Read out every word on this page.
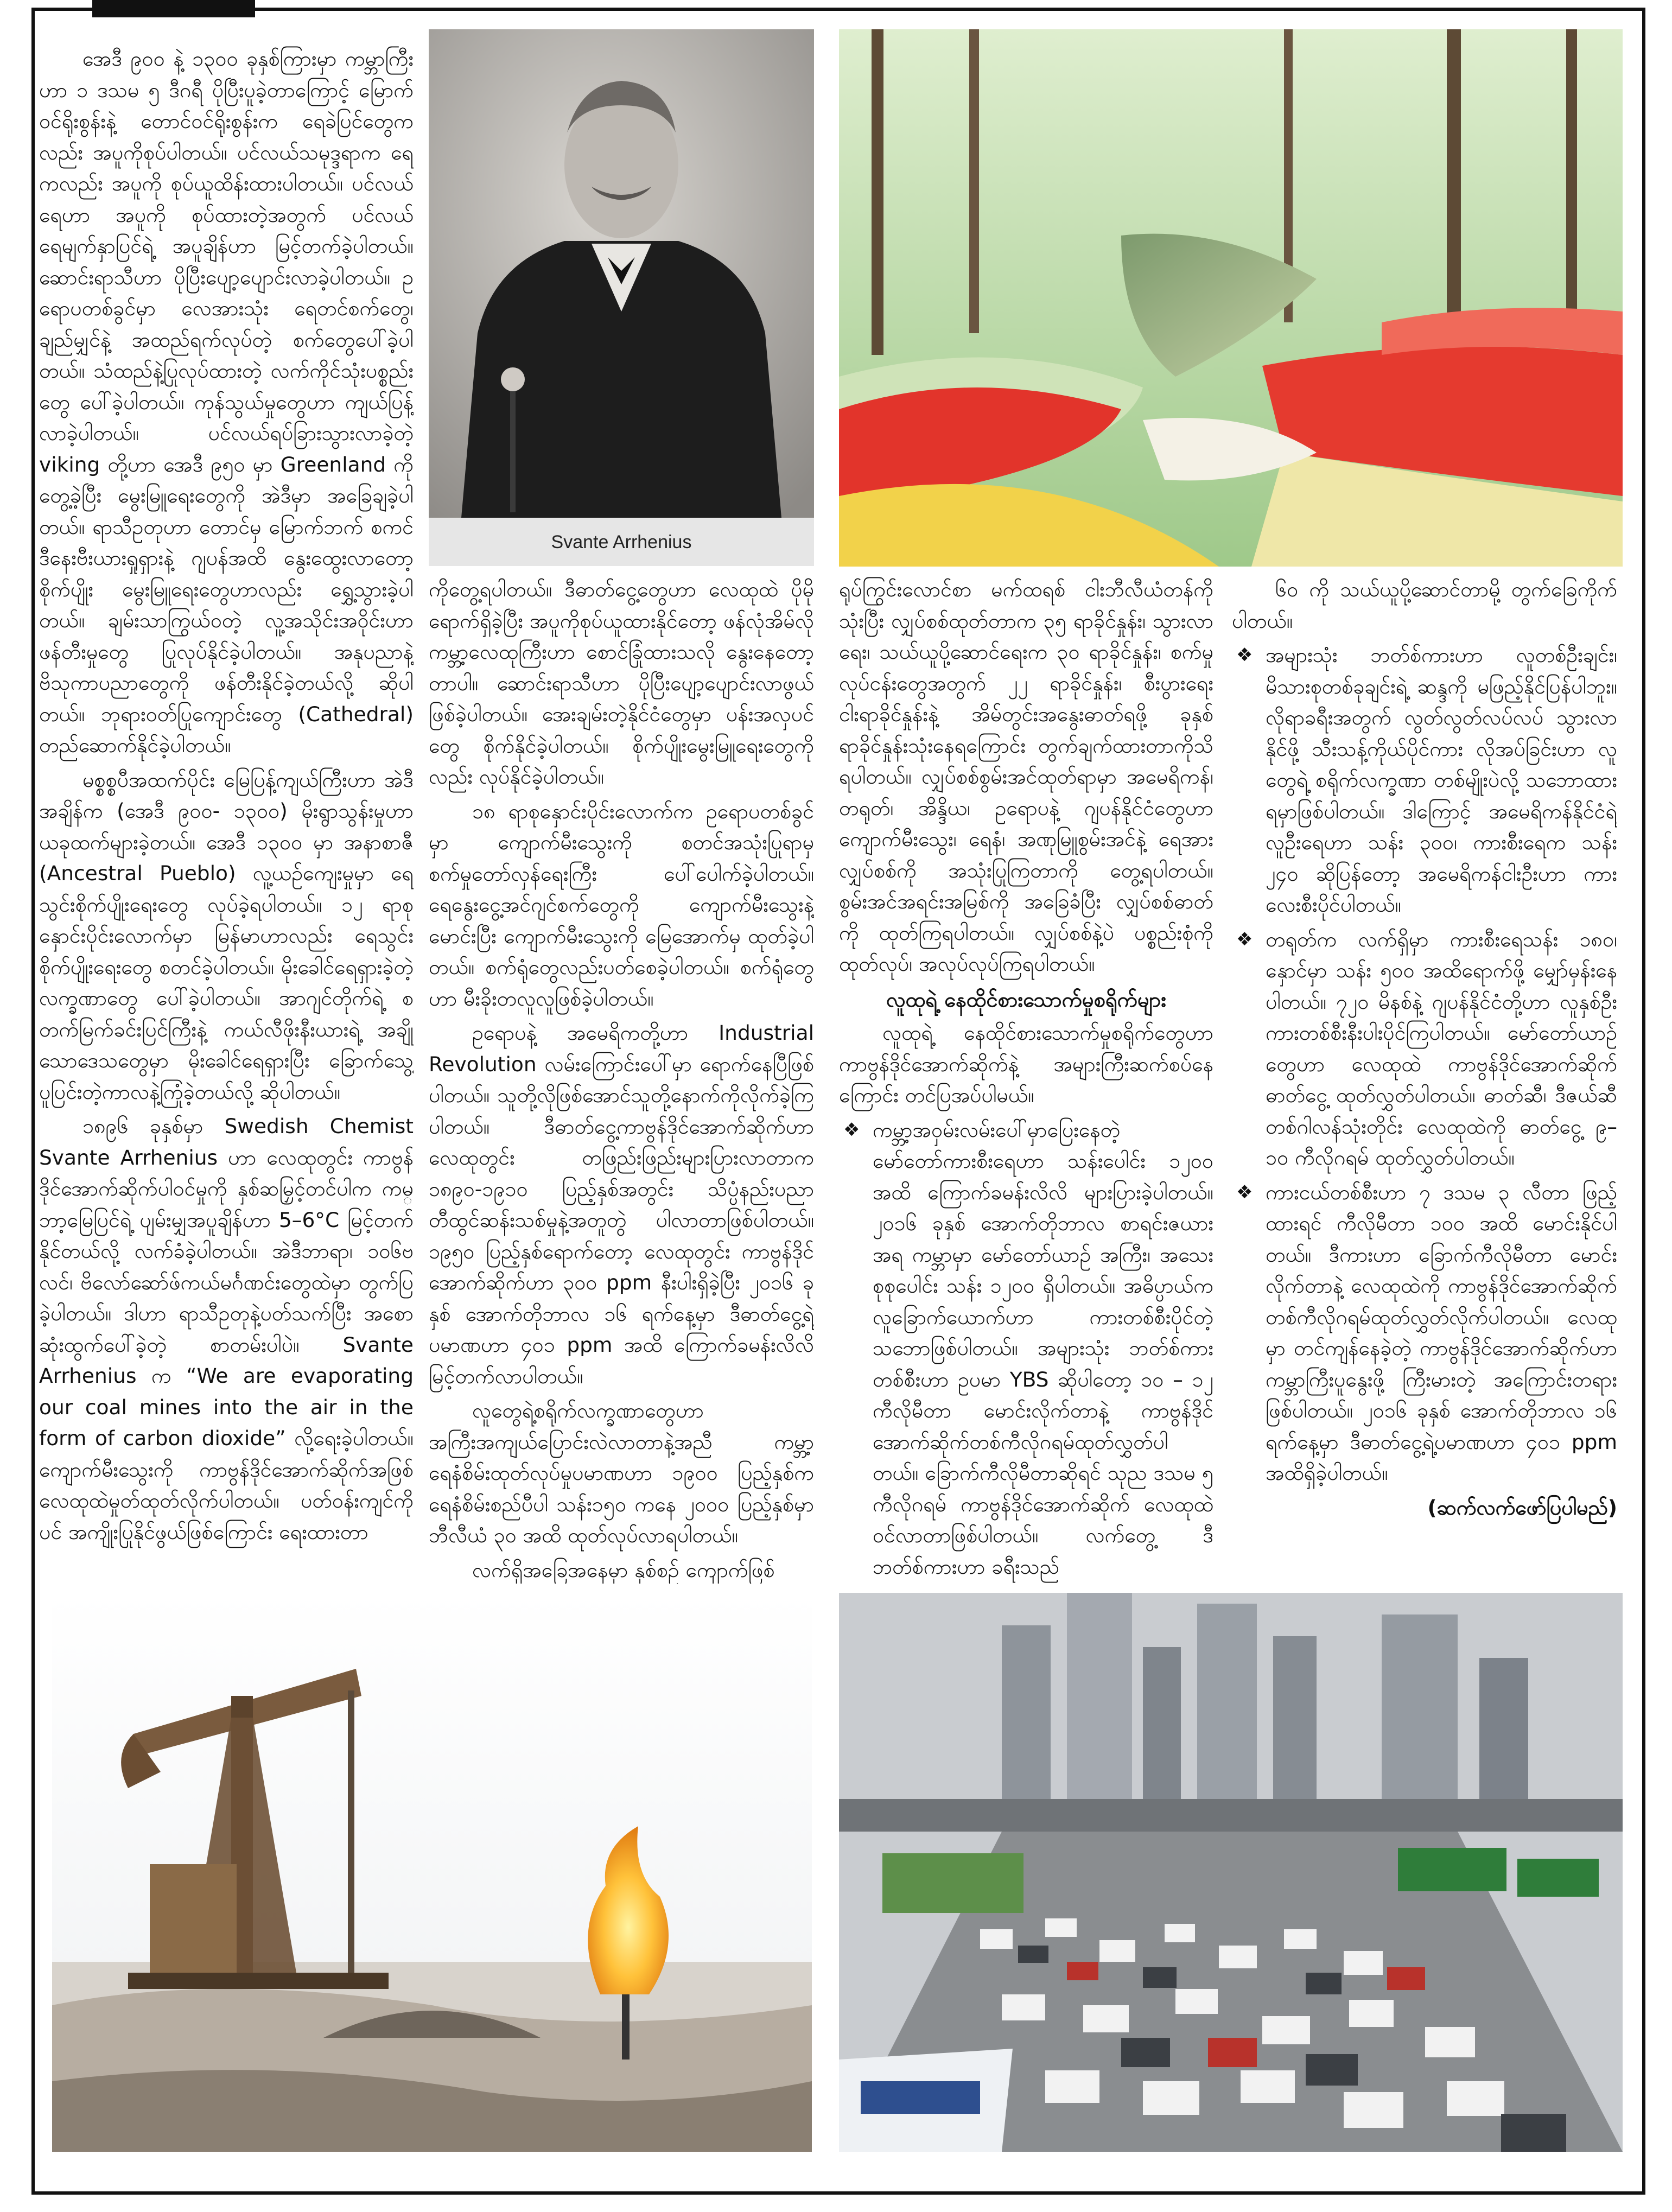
အေဒီ ၉၀၀ နဲ့ ၁၃၀၀ ခုနှစ်ကြားမှာ ကမ္ဘာကြီးဟာ ၁ ဒသမ ၅ ဒီဂရီ ပိုပြီးပူခဲ့တာကြောင့် မြောက်ဝင်ရိုးစွန်းနဲ့ တောင်ဝင်ရိုးစွန်းက ရေခဲပြင်တွေက လည်း အပူကိုစုပ်ပါတယ်။ ပင်လယ်သမုဒ္ဒရာက ရေကလည်း အပူကို စုပ်ယူထိန်းထားပါတယ်။ ပင်လယ်ရေဟာ အပူကို စုပ်ထားတဲ့အတွက် ပင်လယ်ရေမျက်နှာပြင်ရဲ့ အပူချိန်ဟာ မြင့်တက်ခဲ့ပါတယ်။ ဆောင်းရာသီဟာ ပိုပြီးပျော့ပျောင်းလာခဲ့ပါတယ်။ ဥရောပတစ်ခွင်မှာ လေအားသုံး ရေတင်စက်တွေ၊ ချည်မျှင်နဲ့ အထည်ရက်လုပ်တဲ့ စက်တွေပေါ်ခဲ့ပါတယ်။ သံထည်နဲ့ပြုလုပ်ထားတဲ့ လက်ကိုင်သုံးပစ္စည်းတွေ ပေါ်ခဲ့ပါတယ်။ ကုန်သွယ်မှုတွေဟာ ကျယ်ပြန့်လာခဲ့ပါတယ်။ ပင်လယ်ရပ်ခြားသွားလာခဲ့တဲ့ viking တို့ဟာ အေဒီ ၉၅၀ မှာ Greenland ကို တွေ့ခဲ့ပြီး မွေးမြူရေးတွေကို အဲဒီမှာ အခြေချခဲ့ပါတယ်။ ရာသီဥတုဟာ တောင်မှ မြောက်ဘက် စကင်ဒီနေးဗီးယားရှုရှားနဲ့ ဂျပန်အထိ နွေးထွေးလာတော့ စိုက်ပျိုး မွေးမြူရေးတွေဟာလည်း ရွှေ့သွားခဲ့ပါတယ်။ ချမ်းသာကြွယ်ဝတဲ့ လူ့အသိုင်းအဝိုင်းဟာ ဖန်တီးမှုတွေ ပြုလုပ်နိုင်ခဲ့ပါတယ်။ အနုပညာနဲ့ ဗိသုကာပညာတွေကို ဖန်တီးနိုင်ခဲ့တယ်လို့ ဆိုပါတယ်။ ဘုရားဝတ်ပြုကျောင်းတွေ (Cathedral) တည်ဆောက်နိုင်ခဲ့ပါတယ်။

မစ္စစ္စပီအထက်ပိုင်း မြေပြန့်ကျယ်ကြီးဟာ အဲဒီအချိန်က (အေဒီ ၉၀၀- ၁၃၀၀) မိုးရွာသွန်းမှုဟာ ယခုထက်များခဲ့တယ်။ အေဒီ ၁၃၀၀ မှာ အနာစာဇီ (Ancestral Pueblo) လူ့ယဉ်ကျေးမှုမှာ ရေသွင်းစိုက်ပျိုးရေးတွေ လုပ်ခဲ့ရပါတယ်။ ၁၂ ရာစုနှောင်းပိုင်းလောက်မှာ မြန်မာဟာလည်း ရေသွင်းစိုက်ပျိုးရေးတွေ စတင်ခဲ့ပါတယ်။ မိုးခေါင်ရေရှားခဲ့တဲ့လက္ခဏာတွေ ပေါ်ခဲ့ပါတယ်။ အာဂျင်တိုက်ရဲ့ စတက်မြက်ခင်းပြင်ကြီးနဲ့ ကယ်လီဖိုးနီးယားရဲ့ အချို့သောဒေသတွေမှာ မိုးခေါင်ရေရှားပြီး ခြောက်သွေ့ပူပြင်းတဲ့ကာလနဲ့ကြုံခဲ့တယ်လို့ ဆိုပါတယ်။

၁၈၉၆ ခုနှစ်မှာ Swedish Chemist Svante Arrhenius ဟာ လေထုတွင်း ကာဗွန်ဒိုင်အောက်ဆိုက်ပါဝင်မှုကို နှစ်ဆမြှင့်တင်ပါက ကမ္ဘာ့မြေပြင်ရဲ့ ပျမ်းမျှအပူချိန်ဟာ 5–6°C မြင့်တက်နိုင်တယ်လို့ လက်ခံခဲ့ပါတယ်။ အဲဒီဘာရာ၊ ၁ဝ၆ဗလင်၊ ဗိလော်ဆော်ဖ်ကယ်မင်္ဂဏင်းတွေထဲမှာ တွက်ပြခဲ့ပါတယ်။ ဒါဟာ ရာသီဥတုနဲ့ပတ်သက်ပြီး အစောဆုံးထွက်ပေါ်ခဲ့တဲ့ စာတမ်းပါပဲ။ Svante Arrhenius က “We are evaporating our coal mines into the air in the form of carbon dioxide” လို့ရေးခဲ့ပါတယ်။ ကျောက်မီးသွေးကို ကာဗွန်ဒိုင်အောက်ဆိုက်အဖြစ် လေထုထဲမှုတ်ထုတ်လိုက်ပါတယ်။ ပတ်ဝန်းကျင်ကိုပင် အကျိုးပြုနိုင်ဖွယ်ဖြစ်ကြောင်း ရေးထားတာ

Svante Arrhenius

ကိုတွေ့ရပါတယ်။ ဒီဓာတ်ငွေ့တွေဟာ လေထုထဲ ပိုမိုရောက်ရှိခဲ့ပြီး အပူကိုစုပ်ယူထားနိုင်တော့ ဖန်လုံအိမ်လို ကမ္ဘာ့လေထုကြီးဟာ စောင်ခြုံထားသလို နွေးနေတော့တာပါ။ ဆောင်းရာသီဟာ ပိုပြီးပျော့ပျောင်းလာဖွယ်ဖြစ်ခဲ့ပါတယ်။ အေးချမ်းတဲ့နိုင်ငံတွေမှာ ပန်းအလှပင်တွေ စိုက်နိုင်ခဲ့ပါတယ်။ စိုက်ပျိုးမွေးမြူရေးတွေကိုလည်း လုပ်နိုင်ခဲ့ပါတယ်။

၁၈ ရာစုနှောင်းပိုင်းလောက်က ဥရောပတစ်ခွင်မှာ ကျောက်မီးသွေးကို စတင်အသုံးပြုရာမှ စက်မှုတော်လှန်ရေးကြီး ပေါ်ပေါက်ခဲ့ပါတယ်။ ရေနွေးငွေ့အင်ဂျင်စက်တွေကို ကျောက်မီးသွေးနဲ့မောင်းပြီး ကျောက်မီးသွေးကို မြေအောက်မှ ထုတ်ခဲ့ပါတယ်။ စက်ရုံတွေလည်းပတ်စေခဲ့ပါတယ်။ စက်ရုံတွေဟာ မီးခိုးတလူလူဖြစ်ခဲ့ပါတယ်။

ဥရောပနဲ့ အမေရိကတို့ဟာ Industrial Revolution လမ်းကြောင်းပေါ်မှာ ရောက်နေပြီဖြစ်ပါတယ်။ သူတို့လိုဖြစ်အောင်သူတို့နောက်ကိုလိုက်ခဲ့ကြပါတယ်။ ဒီဓာတ်ငွေ့ကာဗွန်ဒိုင်အောက်ဆိုက်ဟာ လေထုတွင်း တဖြည်းဖြည်းများပြားလာတာက ၁၈၉၀-၁၉၁၀ ပြည့်နှစ်အတွင်း သိပ္ပံနည်းပညာ တီထွင်ဆန်းသစ်မှုနဲ့အတူတွဲ ပါလာတာဖြစ်ပါတယ်။ ၁၉၅၀ ပြည့်နှစ်ရောက်တော့ လေထုတွင်း ကာဗွန်ဒိုင်အောက်ဆိုက်ဟာ ၃၀၀ ppm နီးပါးရှိခဲ့ပြီး ၂၀၁၆ ခုနှစ် အောက်တိုဘာလ ၁၆ ရက်နေ့မှာ ဒီဓာတ်ငွေ့ရဲ့ ပမာဏဟာ ၄၀၁ ppm အထိ ကြောက်ခမန်းလိလိ မြင့်တက်လာပါတယ်။

လူတွေရဲ့စရိုက်လက္ခဏာတွေဟာ အကြီးအကျယ်ပြောင်းလဲလာတာနဲ့အညီ ကမ္ဘာ့ရေနံစိမ်းထုတ်လုပ်မှုပမာဏဟာ ၁၉၀၀ ပြည့်နှစ်က ရေနံစိမ်းစည်ပီပါ သန်း၁၅၀ ကနေ ၂၀၀၀ ပြည့်နှစ်မှာ ဘီလီယံ ၃၀ အထိ ထုတ်လုပ်လာရပါတယ်။

လက်ရှိအခြေအနေမှာ နှစ်စဉ် ကျောက်ဖြစ်

ရုပ်ကြွင်းလောင်စာ မက်ထရစ် ငါးဘီလီယံတန်ကို သုံးပြီး လျှပ်စစ်ထုတ်တာက ၃၅ ရာခိုင်နှုန်း၊ သွားလာရေး၊ သယ်ယူပို့ဆောင်ရေးက ၃၀ ရာခိုင်နှုန်း၊ စက်မှုလုပ်ငန်းတွေအတွက် ၂၂ ရာခိုင်နှုန်း၊ စီးပွားရေး ငါးရာခိုင်နှုန်းနဲ့ အိမ်တွင်းအနွေးဓာတ်ရဖို့ ခုနှစ်ရာခိုင်နှုန်းသုံးနေရကြောင်း တွက်ချက်ထားတာကိုသိရပါတယ်။ လျှပ်စစ်စွမ်းအင်ထုတ်ရာမှာ အမေရိကန်၊ တရုတ်၊ အိန္ဒိယ၊ ဥရောပနဲ့ ဂျပန်နိုင်ငံတွေဟာ ကျောက်မီးသွေး၊ ရေနံ၊ အဏုမြူစွမ်းအင်နဲ့ ရေအားလျှပ်စစ်ကို အသုံးပြုကြတာကို တွေ့ရပါတယ်။ စွမ်းအင်အရင်းအမြစ်ကို အခြေခံပြီး လျှပ်စစ်ဓာတ်ကို ထုတ်ကြရပါတယ်။ လျှပ်စစ်နဲ့ပဲ ပစ္စည်းစုံကို ထုတ်လုပ်၊ အလုပ်လုပ်ကြရပါတယ်။

လူထုရဲ့ နေထိုင်စားသောက်မှုစရိုက်များ

လူထုရဲ့ နေထိုင်စားသောက်မှုစရိုက်တွေဟာ ကာဗွန်ဒိုင်အောက်ဆိုက်နဲ့ အများကြီးဆက်စပ်နေကြောင်း တင်ပြအပ်ပါမယ်။

❖ ကမ္ဘာ့အဝှမ်းလမ်းပေါ်မှာပြေးနေတဲ့ မော်တော်ကားစီးရေဟာ သန်းပေါင်း ၁၂၀၀ အထိ ကြောက်ခမန်းလိလိ များပြားခဲ့ပါတယ်။ ၂၀၁၆ ခုနှစ် အောက်တိုဘာလ စာရင်းဇယားအရ ကမ္ဘာမှာ မော်တော်ယာဉ် အကြီး၊ အသေး စုစုပေါင်း သန်း ၁၂၀၀ ရှိပါတယ်။ အဓိပ္ပာယ်က လူခြောက်ယောက်ဟာ ကားတစ်စီးပိုင်တဲ့ သဘောဖြစ်ပါတယ်။ အများသုံး ဘတ်စ်ကားတစ်စီးဟာ ဥပမာ YBS ဆိုပါတော့ ၁၀ – ၁၂ ကီလိုမီတာ မောင်းလိုက်တာနဲ့ ကာဗွန်ဒိုင်အောက်ဆိုက်တစ်ကီလိုဂရမ်ထုတ်လွှတ်ပါတယ်။ ခြောက်ကီလိုမီတာဆိုရင် သုည ဒသမ ၅ ကီလိုဂရမ် ကာဗွန်ဒိုင်အောက်ဆိုက် လေထုထဲ ဝင်လာတာဖြစ်ပါတယ်။ လက်တွေ့ ဒီဘတ်စ်ကားဟာ ခရီးသည်

၆၀ ကို သယ်ယူပို့ဆောင်တာမို့ တွက်ခြေကိုက်ပါတယ်။

❖ အများသုံး ဘတ်စ်ကားဟာ လူတစ်ဦးချင်း၊ မိသားစုတစ်ခုချင်းရဲ့ ဆန္ဒကို မဖြည့်နိုင်ပြန်ပါဘူး။ လိုရာခရီးအတွက် လွတ်လွတ်လပ်လပ် သွားလာနိုင်ဖို့ သီးသန့်ကိုယ်ပိုင်ကား လိုအပ်ခြင်းဟာ လူတွေရဲ့ စရိုက်လက္ခဏာ တစ်မျိုးပဲလို့ သဘောထားရမှာဖြစ်ပါတယ်။ ဒါကြောင့် အမေရိကန်နိုင်ငံရဲ့ လူဦးရေဟာ သန်း ၃၀၀၊ ကားစီးရေက သန်း ၂၄၀ ဆိုပြန်တော့ အမေရိကန်ငါးဦးဟာ ကားလေးစီးပိုင်ပါတယ်။
❖ တရုတ်က လက်ရှိမှာ ကားစီးရေသန်း ၁၈၀၊ နှောင်မှာ သန်း ၅၀၀ အထိရောက်ဖို့ မျှော်မှန်းနေပါတယ်။ ၇၂၀ မိနစ်နဲ့ ဂျပန်နိုင်ငံတို့ဟာ လူနှစ်ဦး ကားတစ်စီးနီးပါးပိုင်ကြပါတယ်။ မော်တော်ယာဉ်တွေဟာ လေထုထဲ ကာဗွန်ဒိုင်အောက်ဆိုက်ဓာတ်ငွေ့ ထုတ်လွှတ်ပါတယ်။ ဓာတ်ဆီ၊ ဒီဇယ်ဆီတစ်ဂါလန်သုံးတိုင်း လေထုထဲကို ဓာတ်ငွေ့ ၉–၁၀ ကီလိုဂရမ် ထုတ်လွှတ်ပါတယ်။
❖ ကားငယ်တစ်စီးဟာ ၇ ဒသမ ၃ လီတာ ဖြည့်ထားရင် ကီလိုမီတာ ၁၀၀ အထိ မောင်းနိုင်ပါတယ်။ ဒီကားဟာ ခြောက်ကီလိုမီတာ မောင်းလိုက်တာနဲ့ လေထုထဲကို ကာဗွန်ဒိုင်အောက်ဆိုက် တစ်ကီလိုဂရမ်ထုတ်လွှတ်လိုက်ပါတယ်။ လေထုမှာ တင်ကျန်နေခဲ့တဲ့ ကာဗွန်ဒိုင်အောက်ဆိုက်ဟာ ကမ္ဘာကြီးပူနွေးဖို့ ကြီးမားတဲ့ အကြောင်းတရားဖြစ်ပါတယ်။ ၂၀၁၆ ခုနှစ် အောက်တိုဘာလ ၁၆ ရက်နေ့မှာ ဒီဓာတ်ငွေ့ရဲ့ပမာဏဟာ ၄၀၁ ppm အထိရှိခဲ့ပါတယ်။
(ဆက်လက်ဖော်ပြပါမည်)
